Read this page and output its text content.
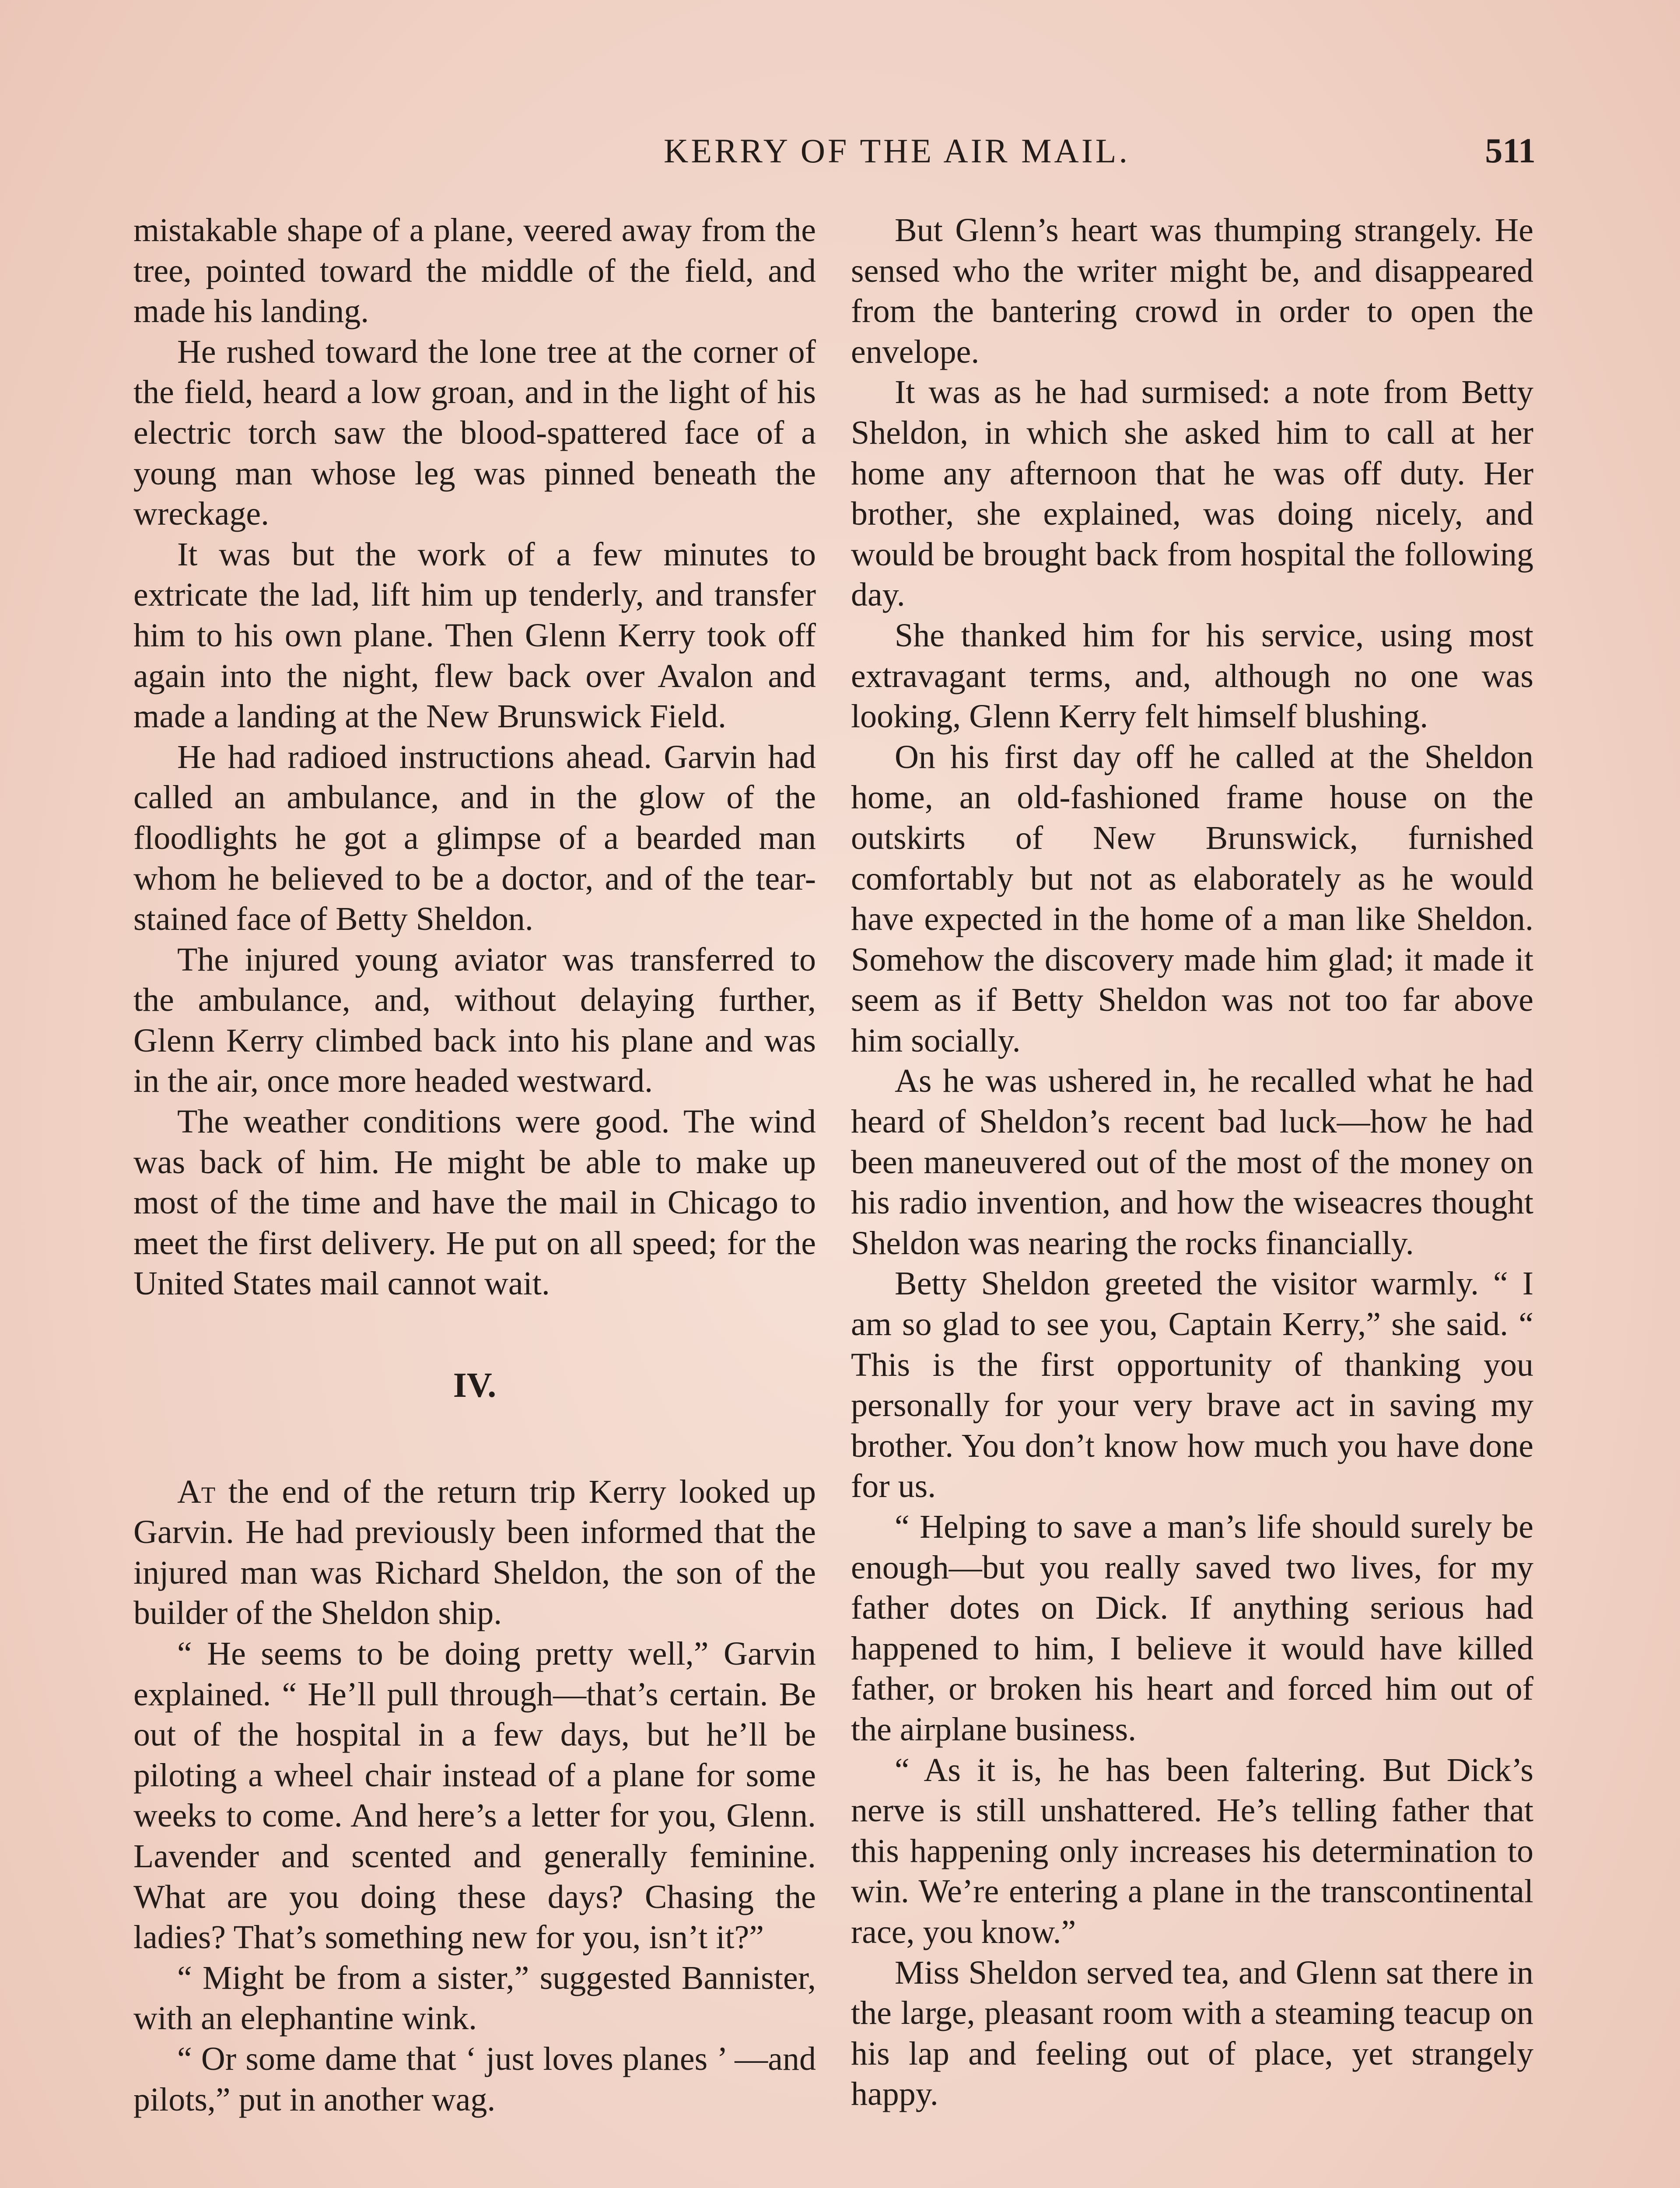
KERRY OF THE AIR MAIL.	511

mistakable shape of a plane, veered away from the tree, pointed toward the middle of the field, and made his landing.

He rushed toward the lone tree at the corner of the field, heard a low groan, and in the light of his electric torch saw the blood-spattered face of a young man whose leg was pinned beneath the wreckage.

It was but the work of a few minutes to extricate the lad, lift him up tenderly, and transfer him to his own plane. Then Glenn Kerry took off again into the night, flew back over Avalon and made a landing at the New Brunswick Field.

He had radioed instructions ahead. Garvin had called an ambulance, and in the glow of the floodlights he got a glimpse of a bearded man whom he believed to be a doctor, and of the tear-stained face of Betty Sheldon.

The injured young aviator was transferred to the ambulance, and, without delaying further, Glenn Kerry climbed back into his plane and was in the air, once more headed westward.

The weather conditions were good. The wind was back of him. He might be able to make up most of the time and have the mail in Chicago to meet the first delivery. He put on all speed; for the United States mail cannot wait.

IV.

At the end of the return trip Kerry looked up Garvin. He had previously been informed that the injured man was Richard Sheldon, the son of the builder of the Sheldon ship.

“ He seems to be doing pretty well,” Garvin explained. “ He’ll pull through—that’s certain. Be out of the hospital in a few days, but he’ll be piloting a wheel chair instead of a plane for some weeks to come. And here’s a letter for you, Glenn. Lavender and scented and generally feminine. What are you doing these days? Chasing the ladies? That’s something new for you, isn’t it?”

“ Might be from a sister,” suggested Bannister, with an elephantine wink.

“ Or some dame that ‘ just loves planes ’ —and pilots,” put in another wag.

But Glenn’s heart was thumping strangely. He sensed who the writer might be, and disappeared from the bantering crowd in order to open the envelope.

It was as he had surmised: a note from Betty Sheldon, in which she asked him to call at her home any afternoon that he was off duty. Her brother, she explained, was doing nicely, and would be brought back from hospital the following day.

She thanked him for his service, using most extravagant terms, and, although no one was looking, Glenn Kerry felt himself blushing.

On his first day off he called at the Sheldon home, an old-fashioned frame house on the outskirts of New Brunswick, furnished comfortably but not as elaborately as he would have expected in the home of a man like Sheldon. Somehow the discovery made him glad; it made it seem as if Betty Sheldon was not too far above him socially.

As he was ushered in, he recalled what he had heard of Sheldon’s recent bad luck—how he had been maneuvered out of the most of the money on his radio invention, and how the wiseacres thought Sheldon was nearing the rocks financially.

Betty Sheldon greeted the visitor warmly. “ I am so glad to see you, Captain Kerry,” she said. “ This is the first opportunity of thanking you personally for your very brave act in saving my brother. You don’t know how much you have done for us.

“ Helping to save a man’s life should surely be enough—but you really saved two lives, for my father dotes on Dick. If anything serious had happened to him, I believe it would have killed father, or broken his heart and forced him out of the airplane business.

“ As it is, he has been faltering. But Dick’s nerve is still unshattered. He’s telling father that this happening only increases his determination to win. We’re entering a plane in the transcontinental race, you know.”

Miss Sheldon served tea, and Glenn sat there in the large, pleasant room with a steaming teacup on his lap and feeling out of place, yet strangely happy.
